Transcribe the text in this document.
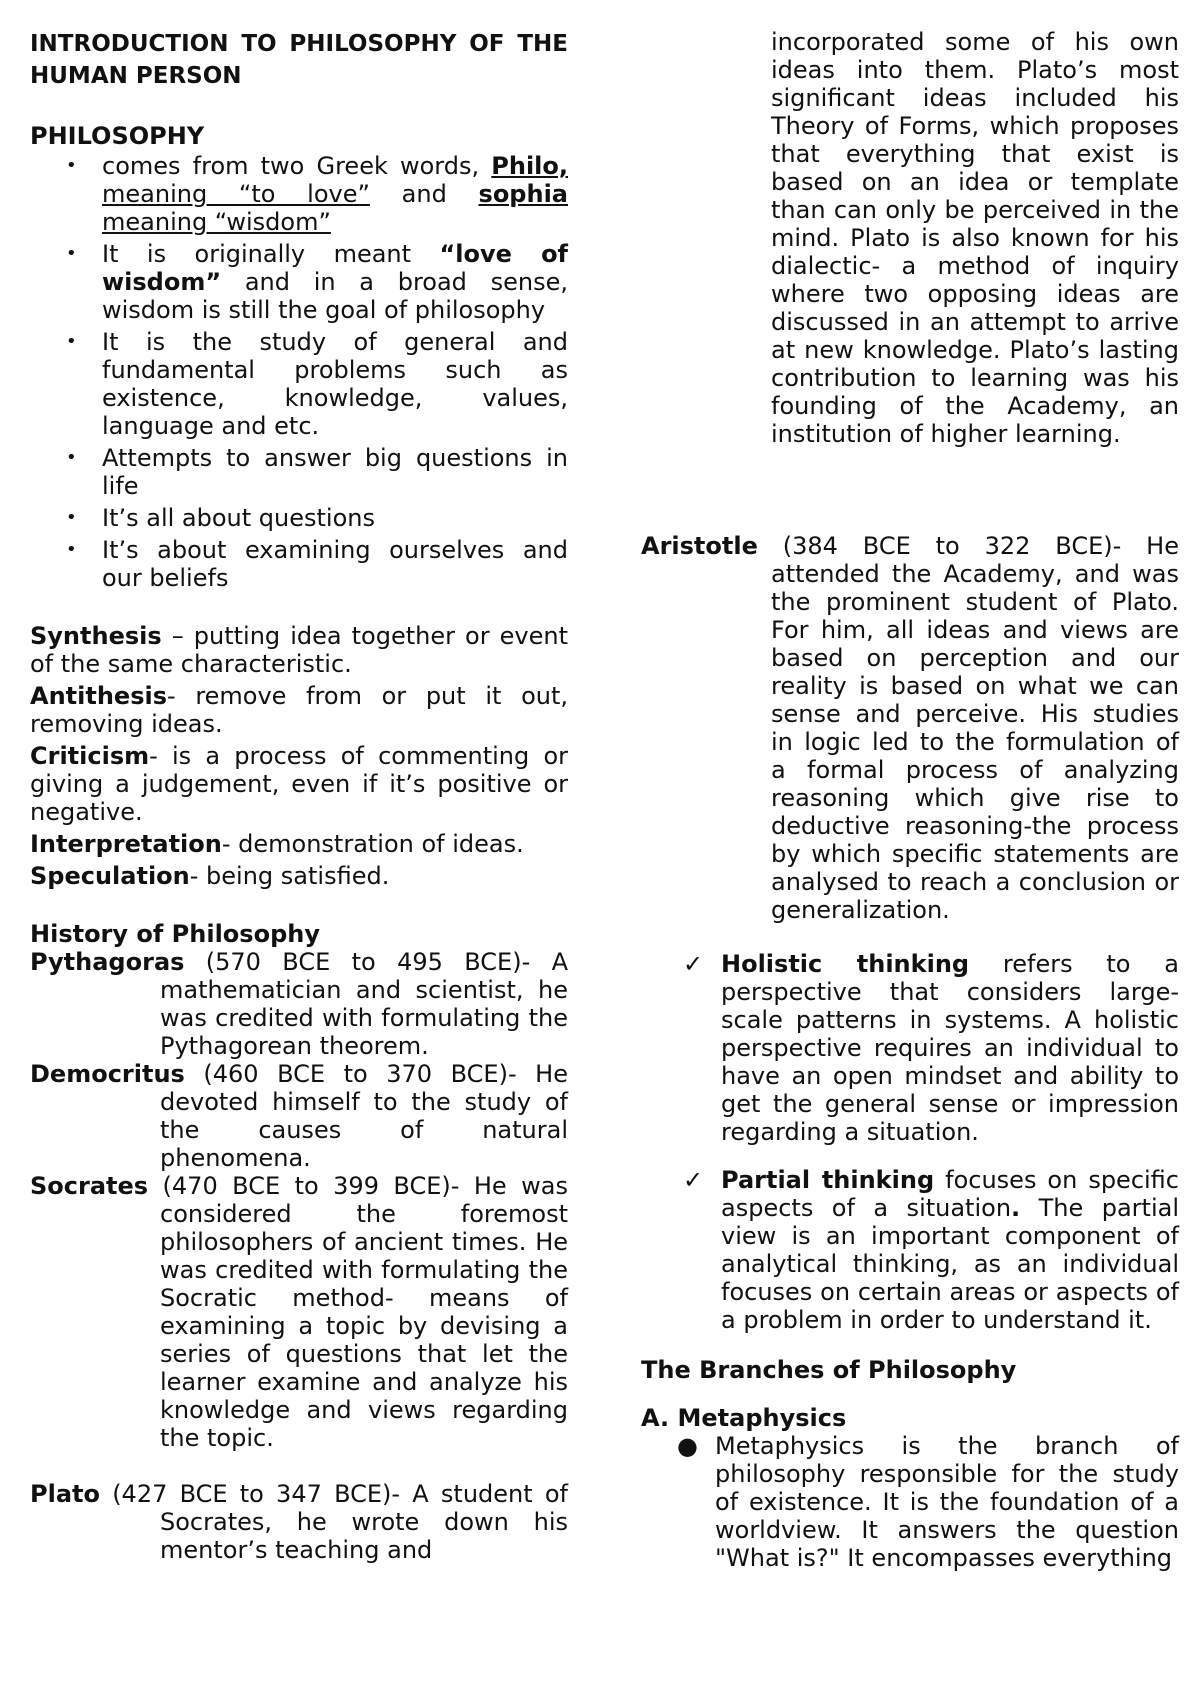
INTRODUCTION TO PHILOSOPHY OF THE HUMAN PERSON

PHILOSOPHY

• comes from two Greek words, Philo, meaning “to love” and sophia meaning “wisdom”
• It is originally meant “love of wisdom” and in a broad sense, wisdom is still the goal of philosophy
• It is the study of general and fundamental problems such as existence, knowledge, values, language and etc.
• Attempts to answer big questions in life
• It’s all about questions
• It’s about examining ourselves and our beliefs

Synthesis – putting idea together or event of the same characteristic.

Antithesis- remove from or put it out, removing ideas.

Criticism- is a process of commenting or giving a judgement, even if it’s positive or negative.

Interpretation- demonstration of ideas.

Speculation- being satisfied.

History of Philosophy

Pythagoras (570 BCE to 495 BCE)- A mathematician and scientist, he was credited with formulating the Pythagorean theorem.

Democritus (460 BCE to 370 BCE)- He devoted himself to the study of the causes of natural phenomena.

Socrates (470 BCE to 399 BCE)- He was considered the foremost philosophers of ancient times. He was credited with formulating the Socratic method- means of examining a topic by devising a series of questions that let the learner examine and analyze his knowledge and views regarding the topic.

Plato (427 BCE to 347 BCE)- A student of Socrates, he wrote down his mentor’s teaching and

incorporated some of his own ideas into them. Plato’s most significant ideas included his Theory of Forms, which proposes that everything that exist is based on an idea or template than can only be perceived in the mind. Plato is also known for his dialectic- a method of inquiry where two opposing ideas are discussed in an attempt to arrive at new knowledge. Plato’s lasting contribution to learning was his founding of the Academy, an institution of higher learning.

Aristotle (384 BCE to 322 BCE)- He attended the Academy, and was the prominent student of Plato. For him, all ideas and views are based on perception and our reality is based on what we can sense and perceive. His studies in logic led to the formulation of a formal process of analyzing reasoning which give rise to deductive reasoning-the process by which specific statements are analysed to reach a conclusion or generalization.

✓ Holistic thinking refers to a perspective that considers large-scale patterns in systems. A holistic perspective requires an individual to have an open mindset and ability to get the general sense or impression regarding a situation.
✓ Partial thinking focuses on specific aspects of a situation. The partial view is an important component of analytical thinking, as an individual focuses on certain areas or aspects of a problem in order to understand it.

The Branches of Philosophy

A. Metaphysics

● Metaphysics is the branch of philosophy responsible for the study of existence. It is the foundation of a worldview. It answers the question "What is?" It encompasses everything
